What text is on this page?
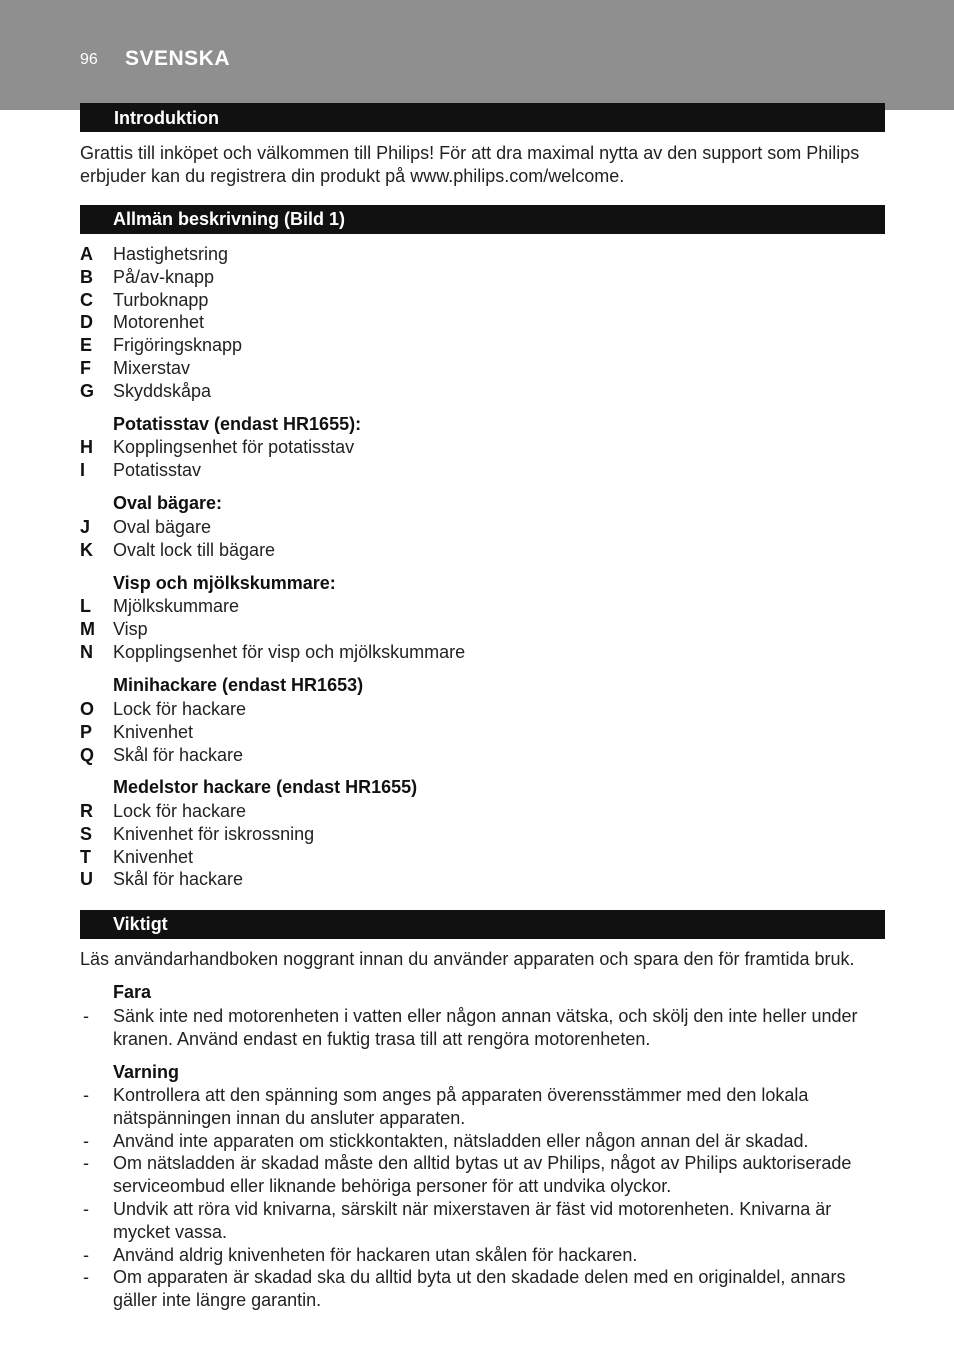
96 SVENSKA
Introduktion
Grattis till inköpet och välkommen till Philips! För att dra maximal nytta av den support som Philips erbjuder kan du registrera din produkt på www.philips.com/welcome.
Allmän beskrivning (Bild 1)
A Hastighetsring
B På/av-knapp
C Turboknapp
D Motorenhet
E Frigöringsknapp
F Mixerstav
G Skyddskåpa
Potatisstav (endast HR1655):
H Kopplingsenhet för potatisstav
I Potatisstav
Oval bägare:
J Oval bägare
K Ovalt lock till bägare
Visp och mjölkskummare:
L Mjölkskummare
M Visp
N Kopplingsenhet för visp och mjölkskummare
Minihackare (endast HR1653)
O Lock för hackare
P Knivenhet
Q Skål för hackare
Medelstor hackare (endast HR1655)
R Lock för hackare
S Knivenhet för iskrossning
T Knivenhet
U Skål för hackare
Viktigt
Läs användarhandboken noggrant innan du använder apparaten och spara den för framtida bruk.
Fara
- Sänk inte ned motorenheten i vatten eller någon annan vätska, och skölj den inte heller under kranen. Använd endast en fuktig trasa till att rengöra motorenheten.
Varning
- Kontrollera att den spänning som anges på apparaten överensstämmer med den lokala nätspänningen innan du ansluter apparaten.
- Använd inte apparaten om stickkontakten, nätsladden eller någon annan del är skadad.
- Om nätsladden är skadad måste den alltid bytas ut av Philips, något av Philips auktoriserade serviceombud eller liknande behöriga personer för att undvika olyckor.
- Undvik att röra vid knivarna, särskilt när mixerstaven är fäst vid motorenheten. Knivarna är mycket vassa.
- Använd aldrig knivenheten för hackaren utan skålen för hackaren.
- Om apparaten är skadad ska du alltid byta ut den skadade delen med en originaldel, annars gäller inte längre garantin.
